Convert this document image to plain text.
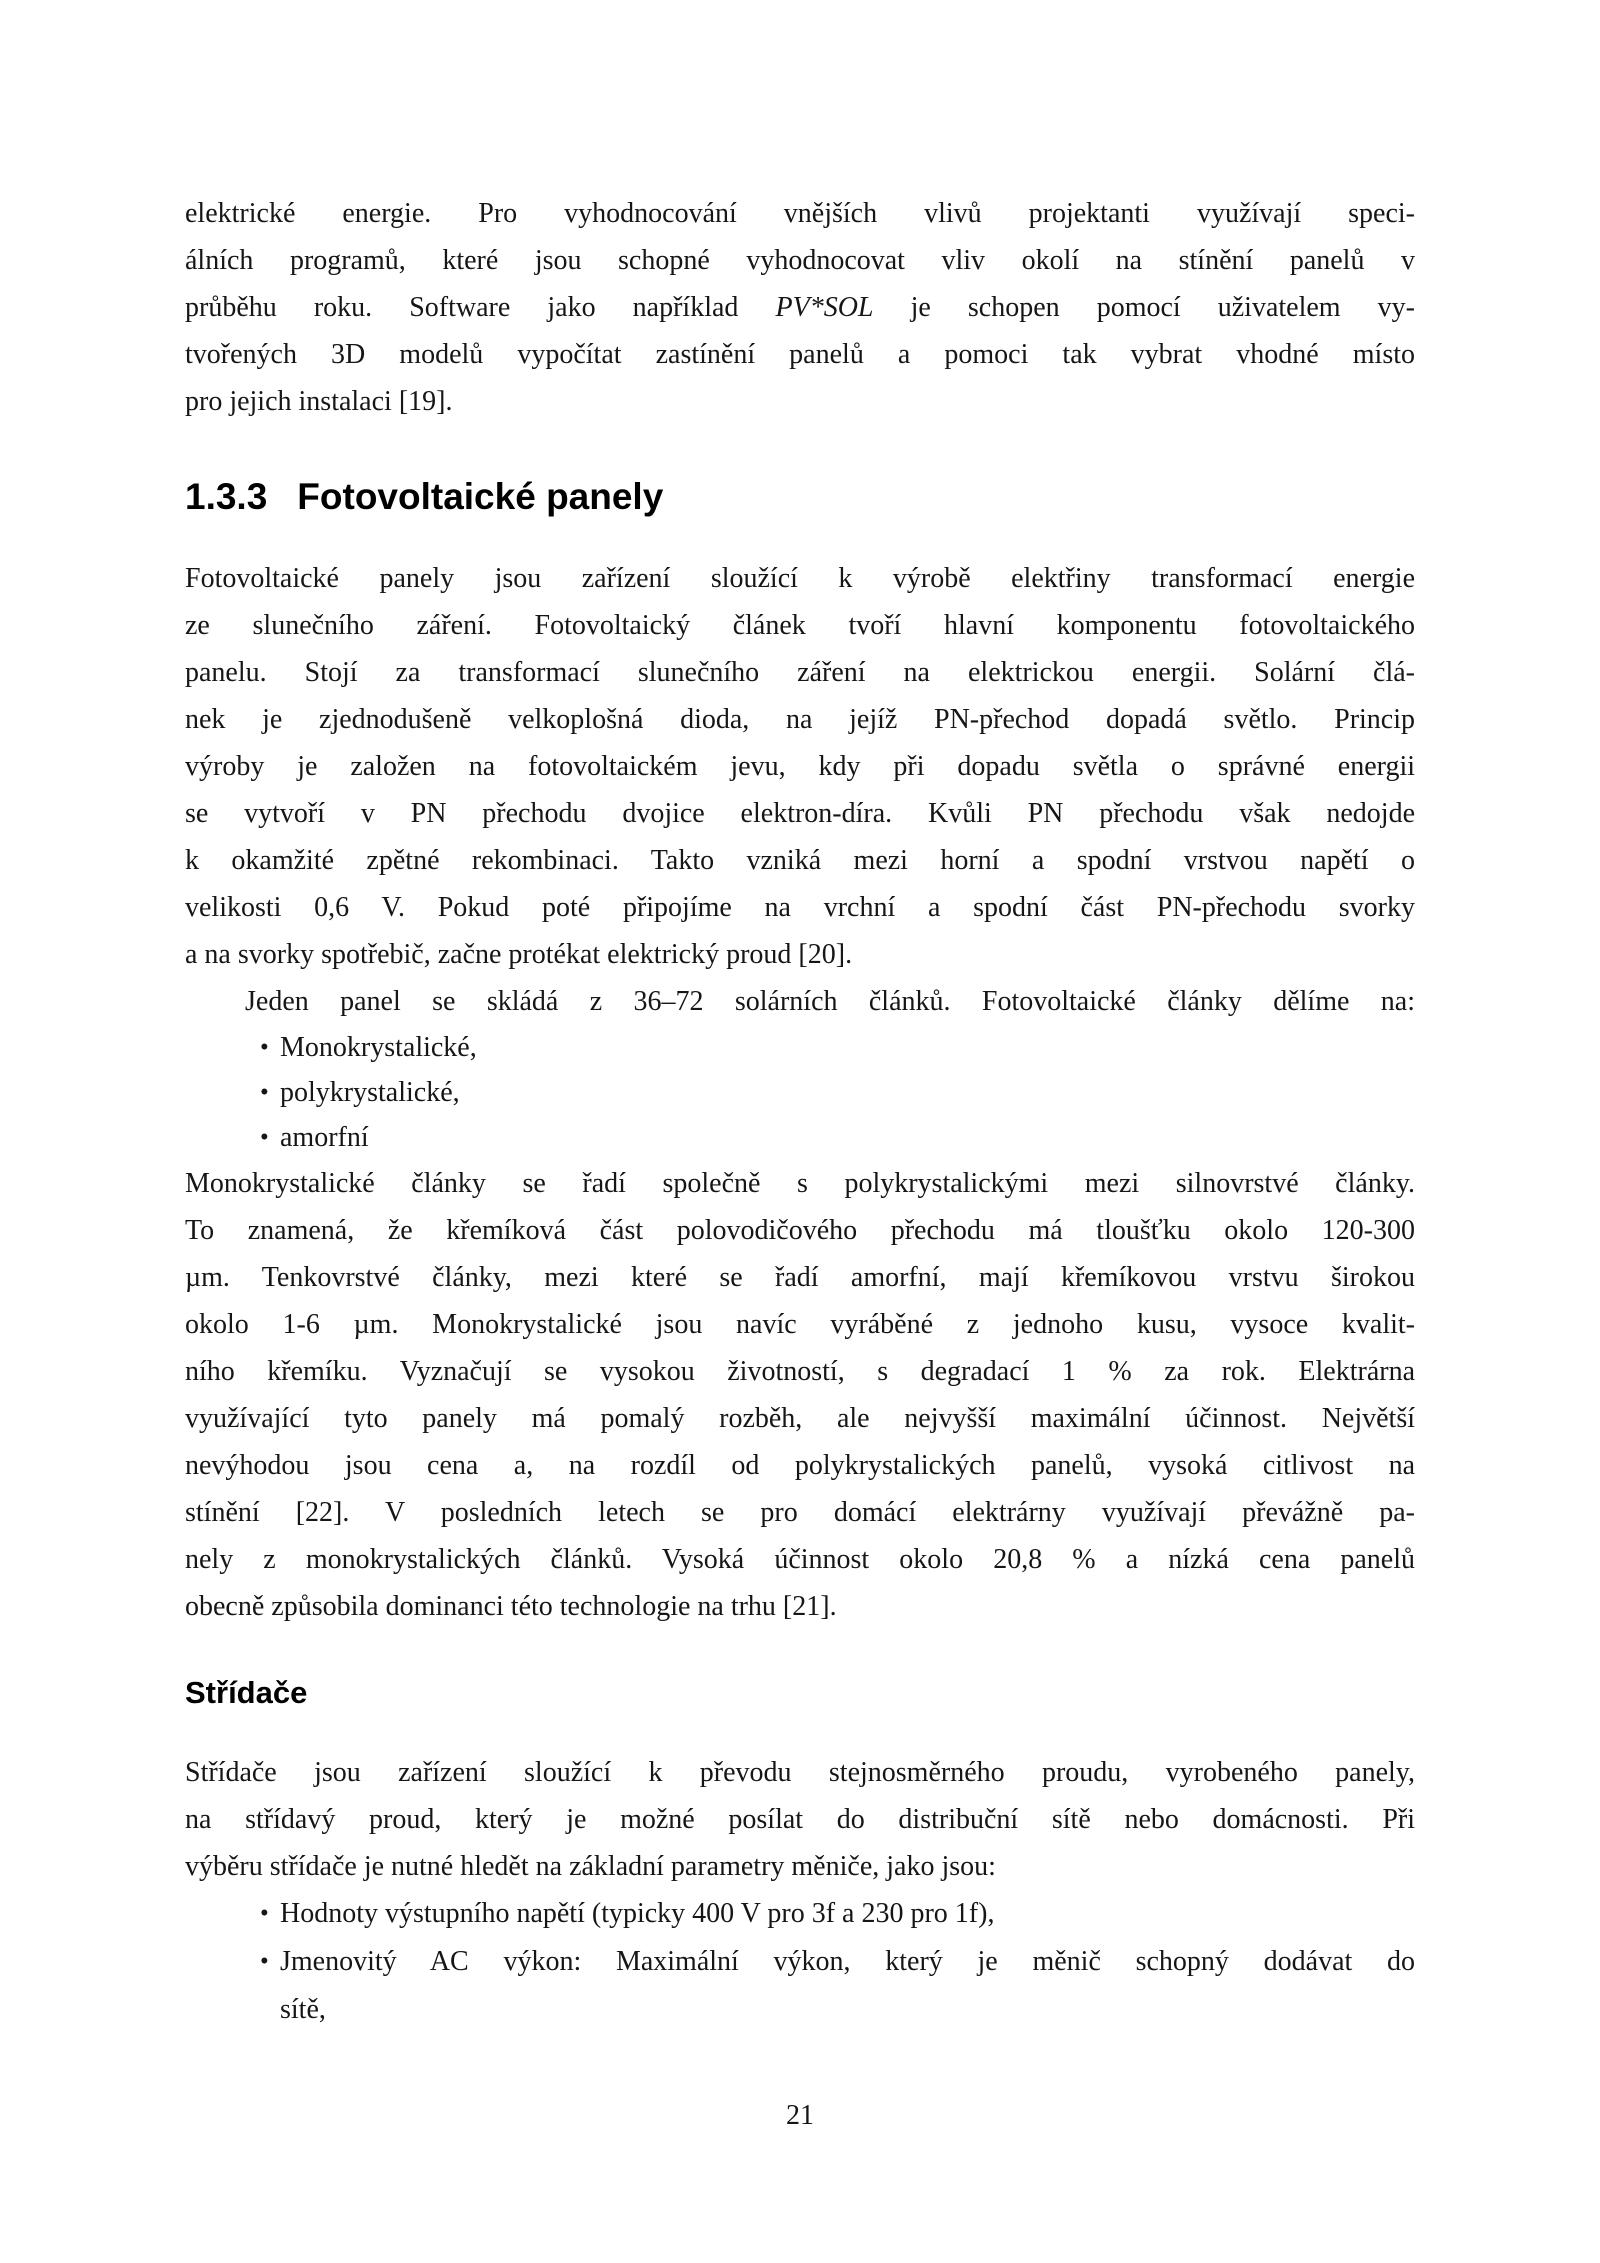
elektrické energie. Pro vyhodnocování vnějších vlivů projektanti využívají speci-
álních programů, které jsou schopné vyhodnocovat vliv okolí na stínění panelů v
průběhu roku. Software jako například PV*SOL je schopen pomocí uživatelem vy-
tvořených 3D modelů vypočítat zastínění panelů a pomoci tak vybrat vhodné místo
pro jejich instalaci [19].
1.3.3 Fotovoltaické panely
Fotovoltaické panely jsou zařízení sloužící k výrobě elektřiny transformací energie
ze slunečního záření. Fotovoltaický článek tvoří hlavní komponentu fotovoltaického
panelu. Stojí za transformací slunečního záření na elektrickou energii. Solární člá-
nek je zjednodušeně velkoplošná dioda, na jejíž PN-přechod dopadá světlo. Princip
výroby je založen na fotovoltaickém jevu, kdy při dopadu světla o správné energii
se vytvoří v PN přechodu dvojice elektron-díra. Kvůli PN přechodu však nedojde
k okamžité zpětné rekombinaci. Takto vzniká mezi horní a spodní vrstvou napětí o
velikosti 0,6 V. Pokud poté připojíme na vrchní a spodní část PN-přechodu svorky
a na svorky spotřebič, začne protékat elektrický proud [20].
Jeden panel se skládá z 36–72 solárních článků. Fotovoltaické články dělíme na:
• Monokrystalické,
• polykrystalické,
• amorfní
Monokrystalické články se řadí společně s polykrystalickými mezi silnovrstvé články.
To znamená, že křemíková část polovodičového přechodu má tloušťku okolo 120-300
µm. Tenkovrstvé články, mezi které se řadí amorfní, mají křemíkovou vrstvu širokou
okolo 1-6 µm. Monokrystalické jsou navíc vyráběné z jednoho kusu, vysoce kvalit-
ního křemíku. Vyznačují se vysokou životností, s degradací 1 % za rok. Elektrárna
využívající tyto panely má pomalý rozběh, ale nejvyšší maximální účinnost. Největší
nevýhodou jsou cena a, na rozdíl od polykrystalických panelů, vysoká citlivost na
stínění [22]. V posledních letech se pro domácí elektrárny využívají převážně pa-
nely z monokrystalických článků. Vysoká účinnost okolo 20,8 % a nízká cena panelů
obecně způsobila dominanci této technologie na trhu [21].
Střídače
Střídače jsou zařízení sloužící k převodu stejnosměrného proudu, vyrobeného panely,
na střídavý proud, který je možné posílat do distribuční sítě nebo domácnosti. Při
výběru střídače je nutné hledět na základní parametry měniče, jako jsou:
• Hodnoty výstupního napětí (typicky 400 V pro 3f a 230 pro 1f),
• Jmenovitý AC výkon: Maximální výkon, který je měnič schopný dodávat do
sítě,
21
